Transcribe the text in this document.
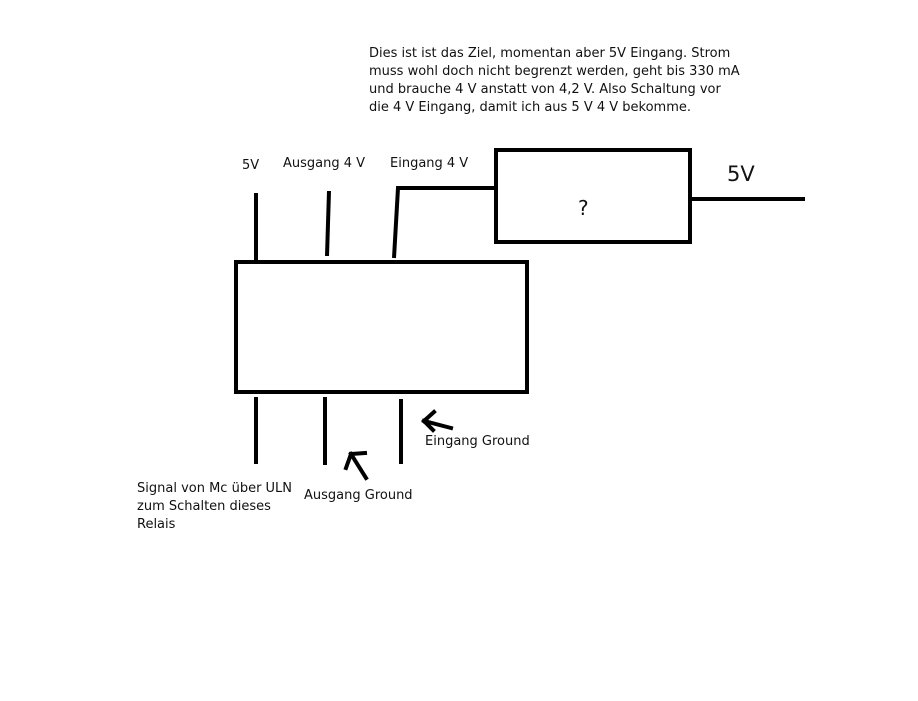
Dies ist ist das Ziel, momentan aber 5V Eingang. Strom muss wohl doch nicht begrenzt werden, geht bis 330 mA und brauche 4 V anstatt von 4,2 V. Also Schaltung vor die 4 V Eingang, damit ich aus 5 V 4 V bekomme.

5V Ausgang 4 V Eingang 4 V
?
5V
Eingang Ground
Ausgang Ground

Signal von Mc über ULN zum Schalten dieses Relais
